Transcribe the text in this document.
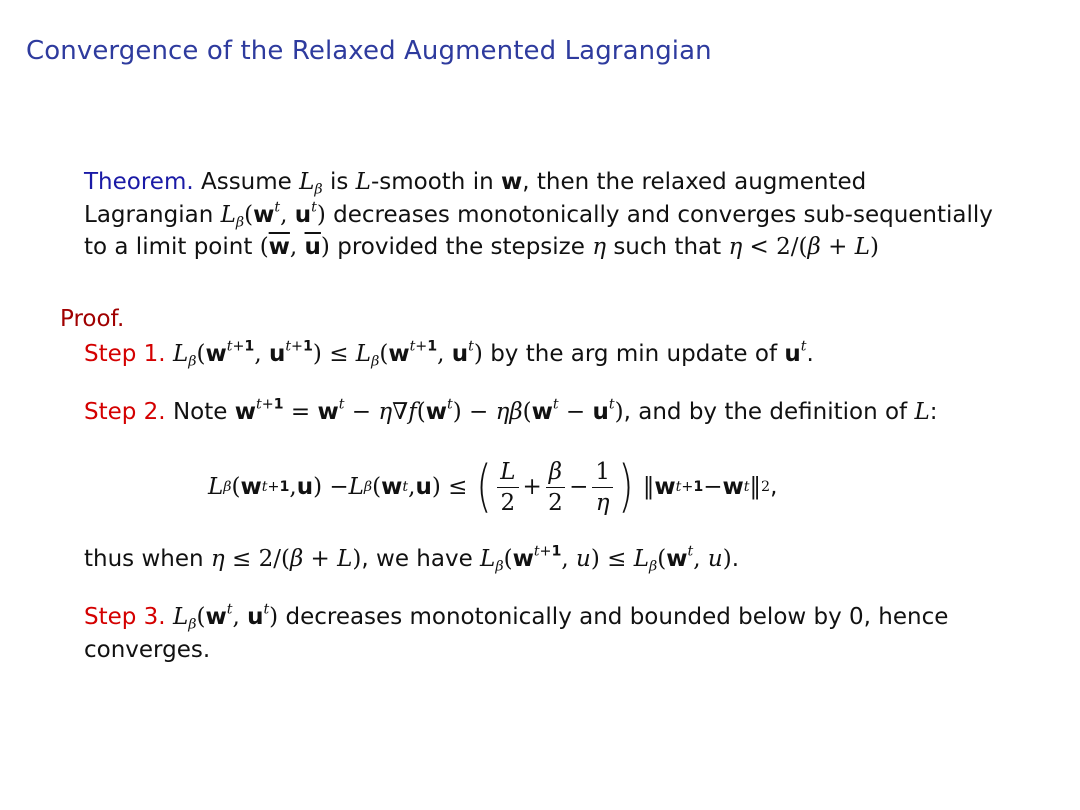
Convergence of the Relaxed Augmented Lagrangian
Theorem. Assume $L_\beta$ is L-smooth in w, then the relaxed augmented
Lagrangian $L_\beta(w^t$, $u^t$) decreases monotonically and converges sub-sequentially
to a limit point ($\overline{w}$, $\overline{u}$) provided the stepsize η such that η < 2/(β + L)
Proof.
Step 1. $L_\beta(w^{t+1}$, $u^{t+1}) \le L_\beta(w^{t+1}$, $u^t$) by the arg min update of $u^t$.
Step 2. Note $w^{t+1} = w^t - \eta\nabla f(w^t) - \eta\beta(w^t - u^t)$, and by the definition of L:
L β ( w t+1 , u ) − L β ( w t , u ) ≤ ( $\frac{L}{2} + \frac{\beta}{2} - \frac{1}{\eta}$ ) ‖ w t+1 − w t ‖ 2 ,
thus when η ≤ 2/(β + L), we have $L_\beta(w^{t+1}$, $u) \le L_\beta(w^t$, u).
Step 3. $L_\beta(w^t$, $u^t$) decreases monotonically and bounded below by 0, hence
converges.
